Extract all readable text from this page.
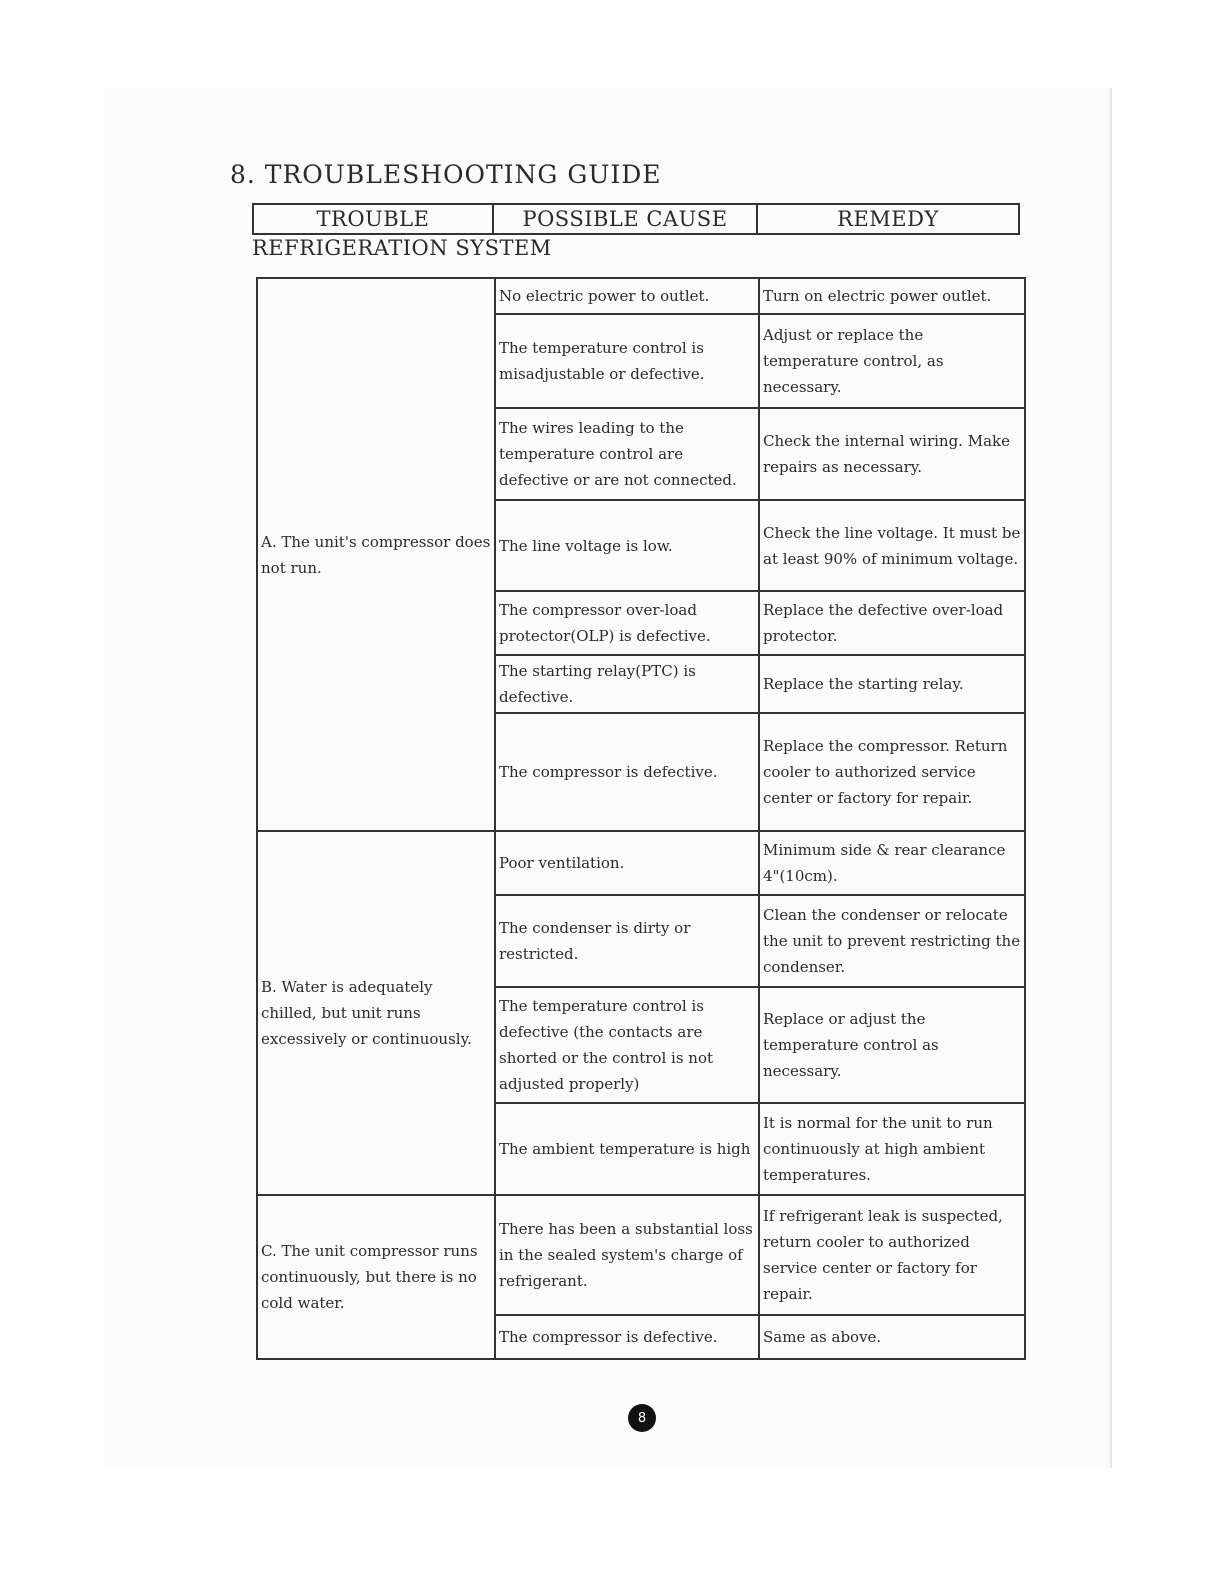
8. TROUBLESHOOTING GUIDE
TROUBLE	POSSIBLE CAUSE	REMEDY
REFRIGERATION SYSTEM
A. The unit's compressor does not run.	No electric power to outlet.	Turn on electric power outlet.
	The temperature control is misadjustable or defective.	Adjust or replace the temperature control, as necessary.
	The wires leading to the temperature control are defective or are not connected.	Check the internal wiring. Make repairs as necessary.
	The line voltage is low.	Check the line voltage. It must be at least 90% of minimum voltage.
	The compressor over-load protector(OLP) is defective.	Replace the defective over-load protector.
	The starting relay(PTC) is defective.	Replace the starting relay.
	The compressor is defective.	Replace the compressor. Return cooler to authorized service center or factory for repair.
B. Water is adequately chilled, but unit runs excessively or continuously.	Poor ventilation.	Minimum side & rear clearance 4"(10cm).
	The condenser is dirty or restricted.	Clean the condenser or relocate the unit to prevent restricting the condenser.
	The temperature control is defective (the contacts are shorted or the control is not adjusted properly)	Replace or adjust the temperature control as necessary.
	The ambient temperature is high	It is normal for the unit to run continuously at high ambient temperatures.
C. The unit compressor runs continuously, but there is no cold water.	There has been a substantial loss in the sealed system's charge of refrigerant.	If refrigerant leak is suspected, return cooler to authorized service center or factory for repair.
	The compressor is defective.	Same as above.
8
